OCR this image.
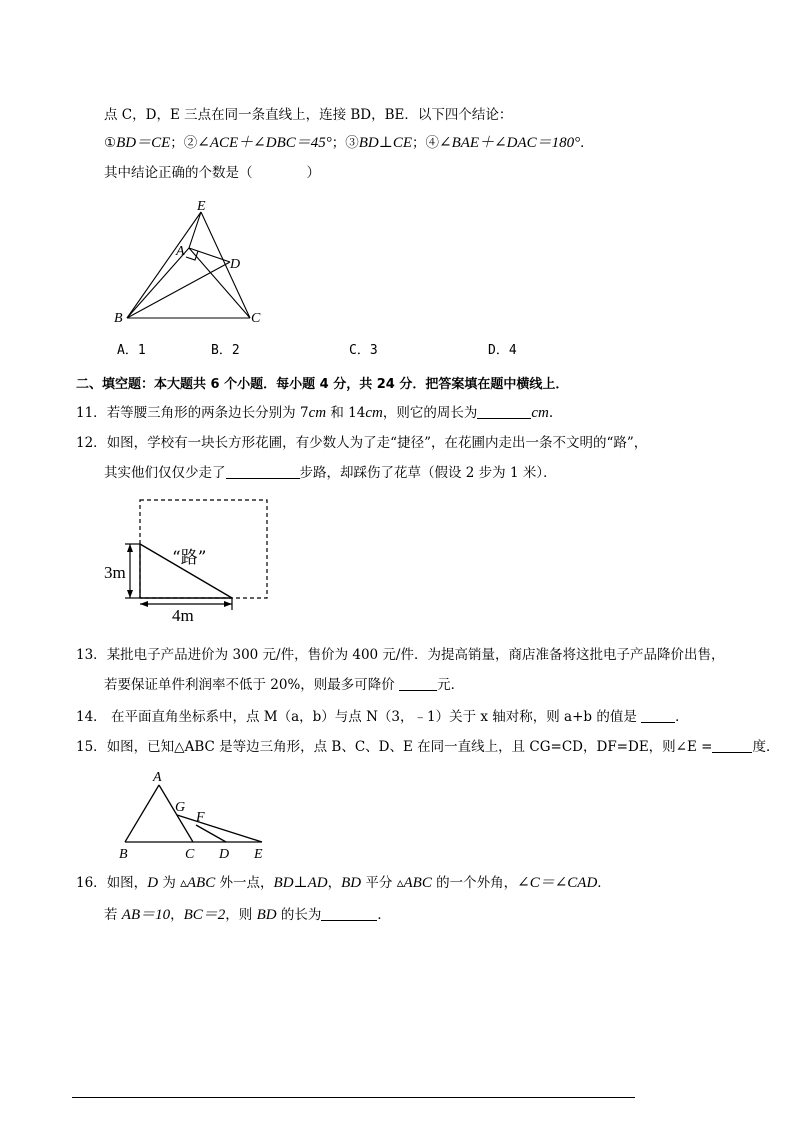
点 C，D，E 三点在同一条直线上，连接 BD，BE．以下四个结论：
①BD＝CE；②∠ACE＋∠DBC＝45°；③BD⊥CE；④∠BAE＋∠DAC＝180°．
其中结论正确的个数是（　　　　）
E
A
D
B	C
A．1	B．2	C．3	D．4
二、填空题：本大题共 6 个小题．每小题 4 分，共 24 分．把答案填在题中横线上．
11．若等腰三角形的两条边长分别为 7cm 和 14cm，则它的周长为	cm.
12．如图，学校有一块长方形花圃，有少数人为了走“捷径”，在花圃内走出一条不文明的“路”，
其实他们仅仅少走了	步路，却踩伤了花草（假设 2 步为 1 米）．
“路”
3m
4m
13．某批电子产品进价为 300 元/件，售价为 400 元/件．为提高销量，商店准备将这批电子产品降价出售，
若要保证单件利润率不低于 20%，则最多可降价	元．
14． 在平面直角坐标系中，点 M（a，b）与点 N（3，﹣1）关于 x 轴对称，则 a+b 的值是	．
15．如图，已知△ABC 是等边三角形，点 B、C、D、E 在同一直线上，且 CG=CD，DF=DE，则∠E =	度．
A
G
F
B	C D E
16．如图，D 为 ▵ABC 外一点，BD⊥AD，BD 平分 ▵ABC 的一个外角，∠C＝∠CAD．
若 AB＝10，BC＝2，则 BD 的长为	．
